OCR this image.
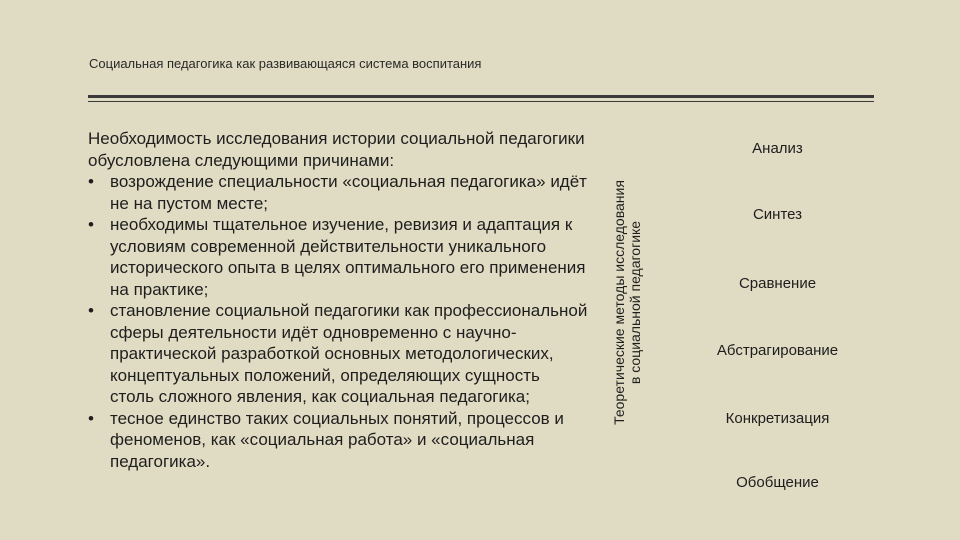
Социальная педагогика как развивающаяся система воспитания

Необходимость исследования истории социальной педагогики обусловлена следующими причинами:

• возрождение специальности «социальная педагогика» идёт не на пустом месте;
• необходимы тщательное изучение, ревизия и адаптация к условиям современной действительности уникального исторического опыта в целях оптимального его применения на практике;
• становление социальной педагогики как профессиональной сферы деятельности идёт одновременно с научно-практической разработкой основных методологических, концептуальных положений, определяющих сущность столь сложного явления, как социальная педагогика;
• тесное единство таких социальных понятий, процессов и феноменов, как «социальная работа» и «социальная педагогика».
Теоретические методы исследования в социальной педагогике
Анализ
Синтез
Сравнение
Абстрагирование
Конкретизация
Обобщение
